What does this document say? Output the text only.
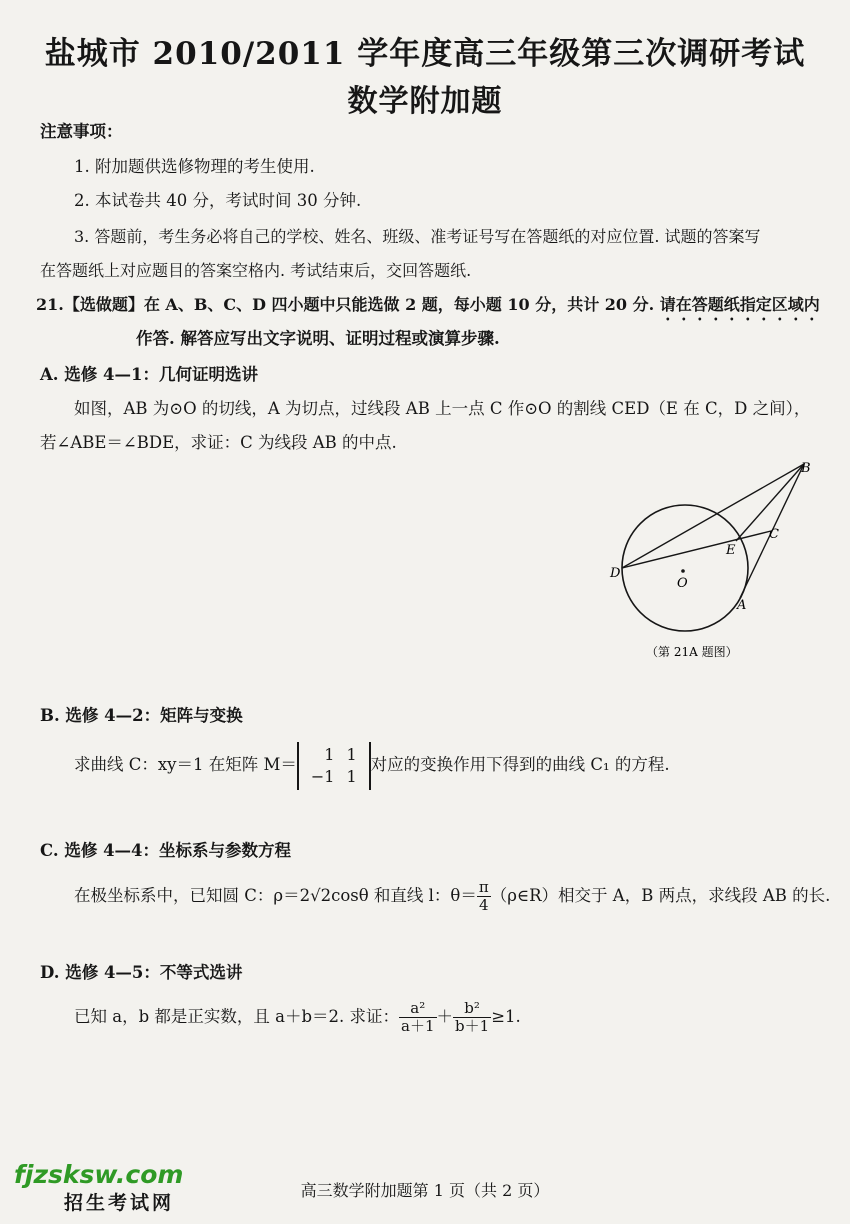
盐城市 2010/2011 学年度高三年级第三次调研考试
数学附加题
注意事项：
1. 附加题供选修物理的考生使用.
2. 本试卷共 40 分，考试时间 30 分钟.
3. 答题前，考生务必将自己的学校、姓名、班级、准考证号写在答题纸的对应位置. 试题的答案写
在答题纸上对应题目的答案空格内. 考试结束后，交回答题纸.
21.【选做题】在 A、B、C、D 四小题中只能选做 2 题，每小题 10 分，共计 20 分. 请在答题纸指定区域内
作答. 解答应写出文字说明、证明过程或演算步骤.
A. 选修 4—1：几何证明选讲
如图，AB 为⊙O 的切线，A 为切点，过线段 AB 上一点 C 作⊙O 的割线 CED（E 在 C，D 之间），
若∠ABE＝∠BDE，求证：C 为线段 AB 的中点.
B
C
E
D
O
A
（第 21A 题图）
B. 选修 4—2：矩阵与变换
求曲线 C：xy＝1 在矩阵 M＝
1	1
−1	1
对应的变换作用下得到的曲线 C₁ 的方程.
C. 选修 4—4：坐标系与参数方程
在极坐标系中，已知圆 C：ρ＝2√2cosθ 和直线 l：$\theta= \frac{\pi}{4}$ （ρ∈R）相交于 A，B 两点，求线段 AB 的长.
D. 选修 4—5：不等式选讲
已知 a，b 都是正实数，且 a＋b＝2. 求证： $\frac{\text{a²}}{a+1} + \frac{\text{b²}}{b+1} \ge 1$.
fjzsksw.com
招生考试网
高三数学附加题第 1 页（共 2 页）
